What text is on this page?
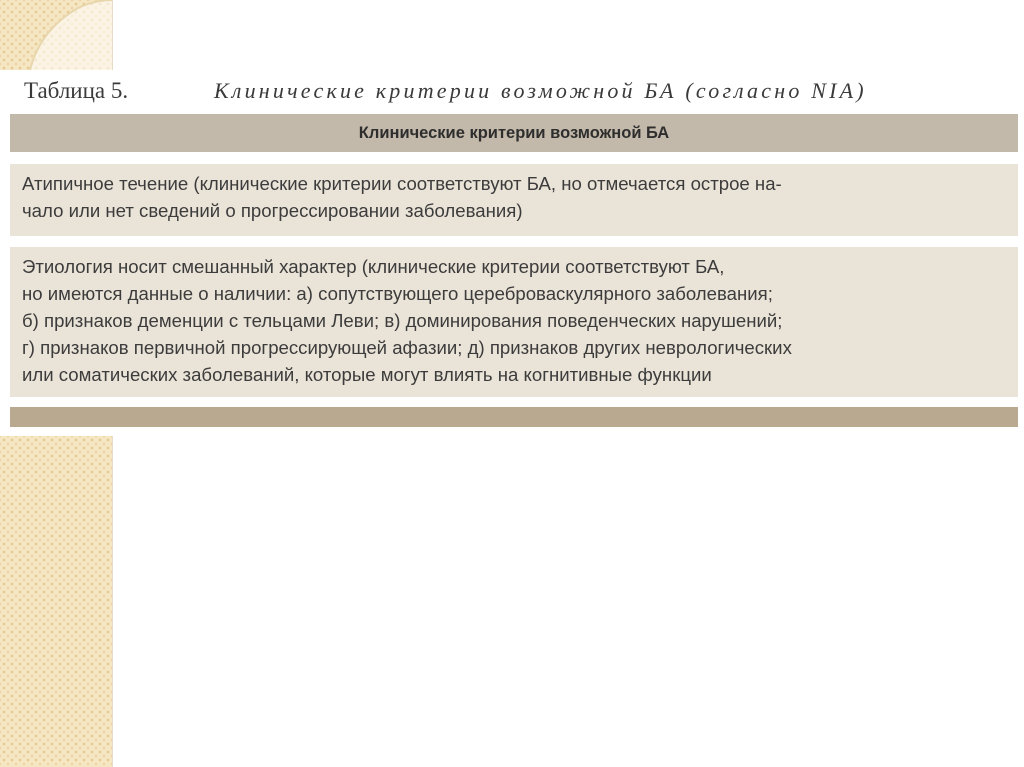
Таблица 5.	Клинические критерии возможной БА (согласно NIA)
Клинические критерии возможной БА
Атипичное течение (клинические критерии соответствуют БА, но отмечается острое на-
чало или нет сведений о прогрессировании заболевания)
Этиология носит смешанный характер (клинические критерии соответствуют БА,
но имеются данные о наличии: а) сопутствующего цереброваскулярного заболевания;
б) признаков деменции с тельцами Леви; в) доминирования поведенческих нарушений;
г) признаков первичной прогрессирующей афазии; д) признаков других неврологических
или соматических заболеваний, которые могут влиять на когнитивные функции
